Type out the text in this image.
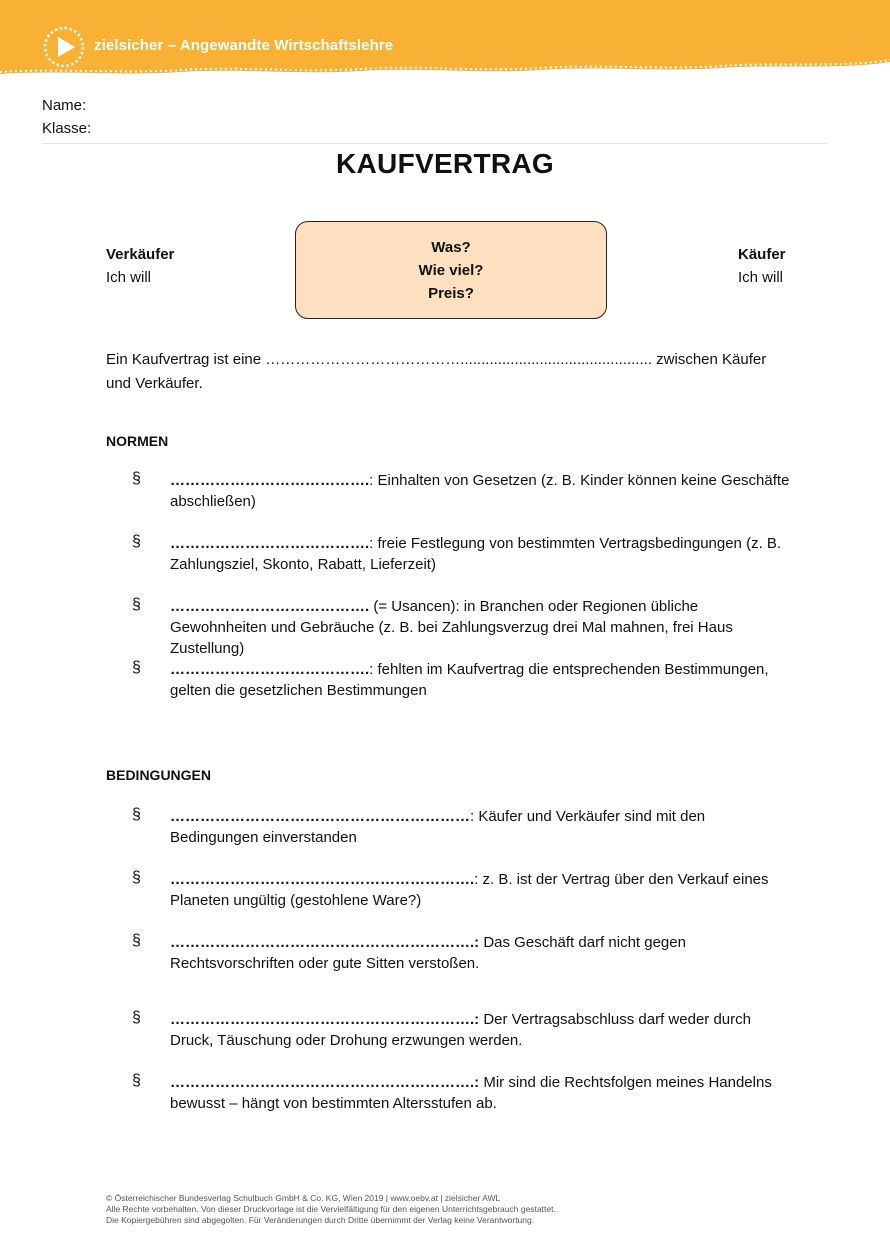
zielsicher – Angewandte Wirtschaftslehre
Name:
Klasse:
KAUFVERTRAG
Verkäufer
Ich will
Was?
Wie viel?
Preis?
Käufer
Ich will
Ein Kaufvertrag ist eine ………………………………….............................................. zwischen Käufer und Verkäufer.
NORMEN
§ ………………………………….: Einhalten von Gesetzen (z. B. Kinder können keine Geschäfte abschließen)
§ ………………………………….: freie Festlegung von bestimmten Vertragsbedingungen (z. B. Zahlungsziel, Skonto, Rabatt, Lieferzeit)
§ …………………………………. (= Usancen): in Branchen oder Regionen übliche Gewohnheiten und Gebräuche (z. B. bei Zahlungsverzug drei Mal mahnen, frei Haus Zustellung)
§ ………………………………….: fehlten im Kaufvertrag die entsprechenden Bestimmungen, gelten die gesetzlichen Bestimmungen
BEDINGUNGEN
§ ……………………………………………………: Käufer und Verkäufer sind mit den Bedingungen einverstanden
§ …………………………………………………….: z. B. ist der Vertrag über den Verkauf eines Planeten ungültig (gestohlene Ware?)
§ …………………………………………………….: Das Geschäft darf nicht gegen Rechtsvorschriften oder gute Sitten verstoßen.
§ …………………………………………………….: Der Vertragsabschluss darf weder durch Druck, Täuschung oder Drohung erzwungen werden.
§ …………………………………………………….: Mir sind die Rechtsfolgen meines Handelns bewusst – hängt von bestimmten Altersstufen ab.
© Österreichischer Bundesverlag Schulbuch GmbH & Co. KG, Wien 2019 | www.oebv.at | zielsicher AWL
Alle Rechte vorbehalten. Von dieser Druckvorlage ist die Vervielfältigung für den eigenen Unterrichtsgebrauch gestattet.
Die Kopiergebühren sind abgegolten. Für Veränderungen durch Dritte übernimmt der Verlag keine Verantwortung.
